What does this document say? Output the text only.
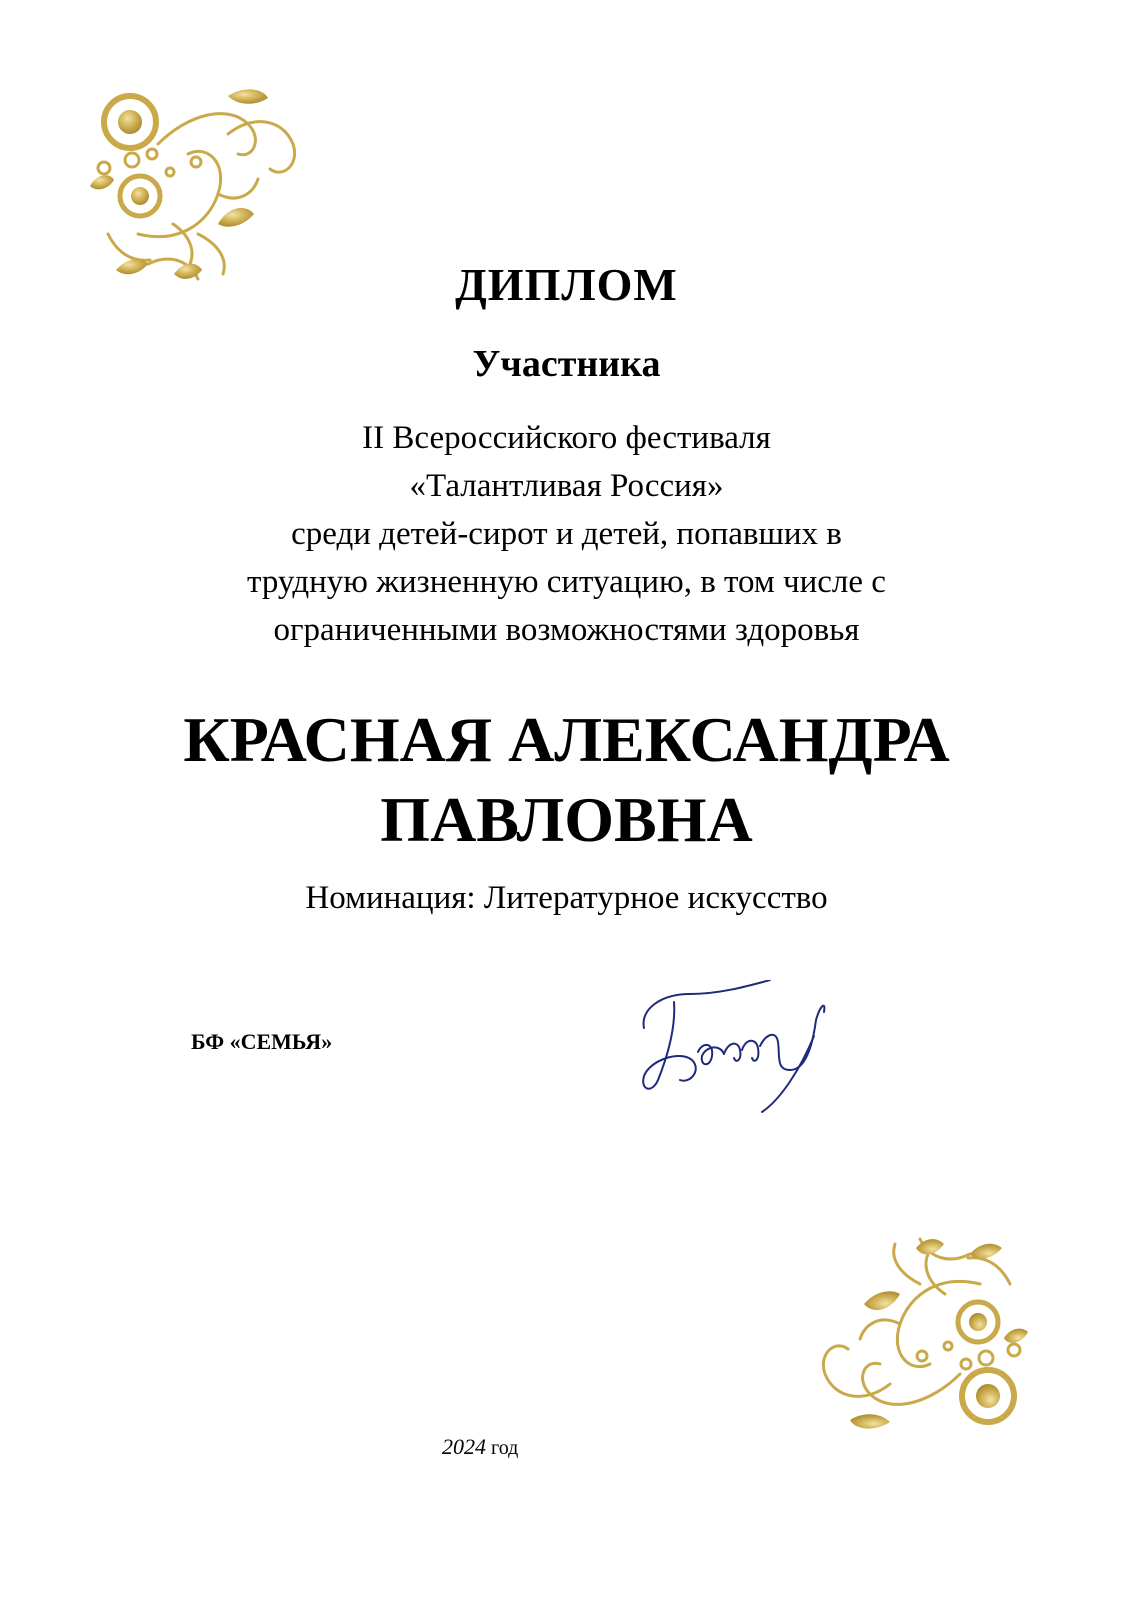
ДИПЛОМ
Участника
II Всероссийского фестиваля
«Талантливая Россия»
среди детей-сирот и детей, попавших в
трудную жизненную ситуацию, в том числе с
ограниченными возможностями здоровья
КРАСНАЯ АЛЕКСАНДРА
ПАВЛОВНА
Номинация: Литературное искусство
БФ «СЕМЬЯ»
2024 год
